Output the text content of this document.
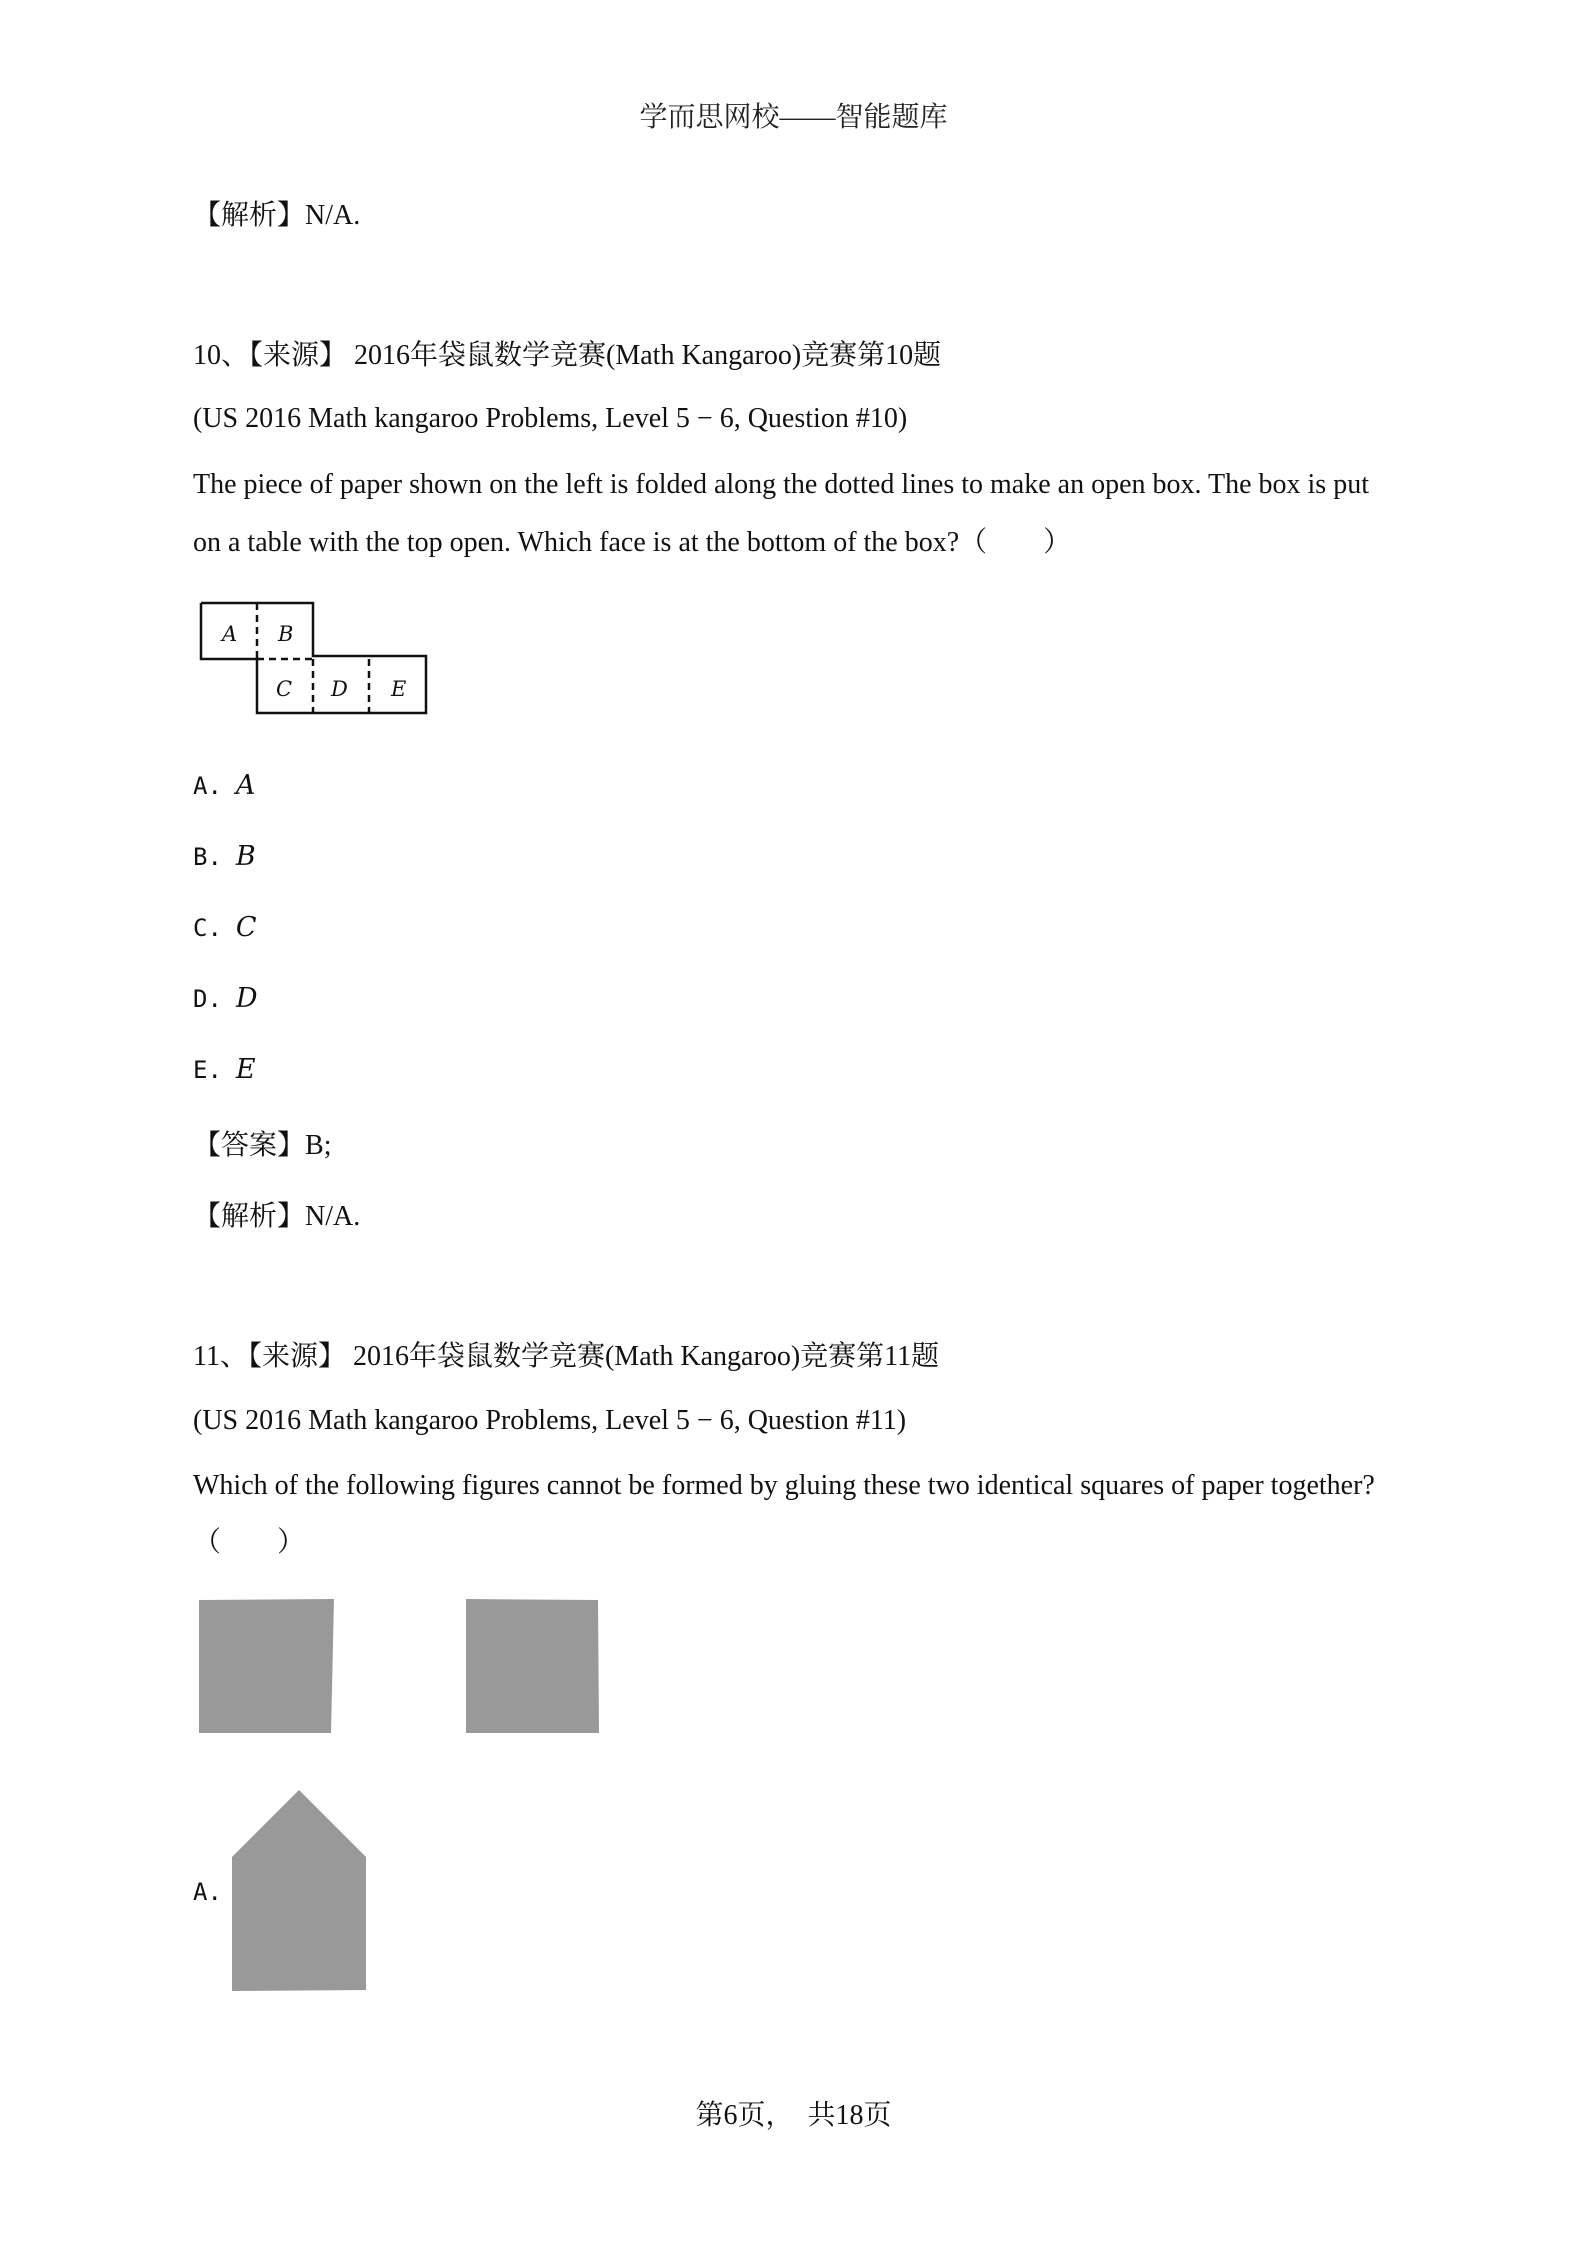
学而思网校——智能题库
【解析】N/A.
10、【来源】 2016年袋鼠数学竞赛(Math Kangaroo)竞赛第10题
(US 2016 Math kangaroo Problems, Level 5 − 6, Question #10)
The piece of paper shown on the left is folded along the dotted lines to make an open box. The box is put
on a table with the top open. Which face is at the bottom of the box?（　　）
A B
C D E
A. A
B. B
C. C
D. D
E. E
【答案】B;
【解析】N/A.
11、【来源】 2016年袋鼠数学竞赛(Math Kangaroo)竞赛第11题
(US 2016 Math kangaroo Problems, Level 5 − 6, Question #11)
Which of the following figures cannot be formed by gluing these two identical squares of paper together?
（　　）
A.
第6页，　共18页
